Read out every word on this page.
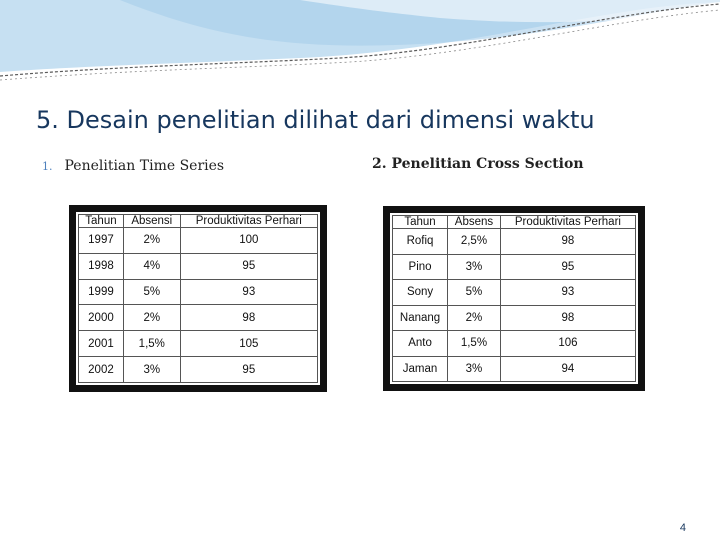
5. Desain penelitian dilihat dari dimensi waktu
1. Penelitian Time Series	2. Penelitian Cross Section
Tahun	Absensi	Produktivitas Perhari
1997	2%	100
1998	4%	95
1999	5%	93
2000	2%	98
2001	1,5%	105
2002	3%	95
Tahun	Absens	Produktivitas Perhari
Rofiq	2,5%	98
Pino	3%	95
Sony	5%	93
Nanang	2%	98
Anto	1,5%	106
Jaman	3%	94
4
